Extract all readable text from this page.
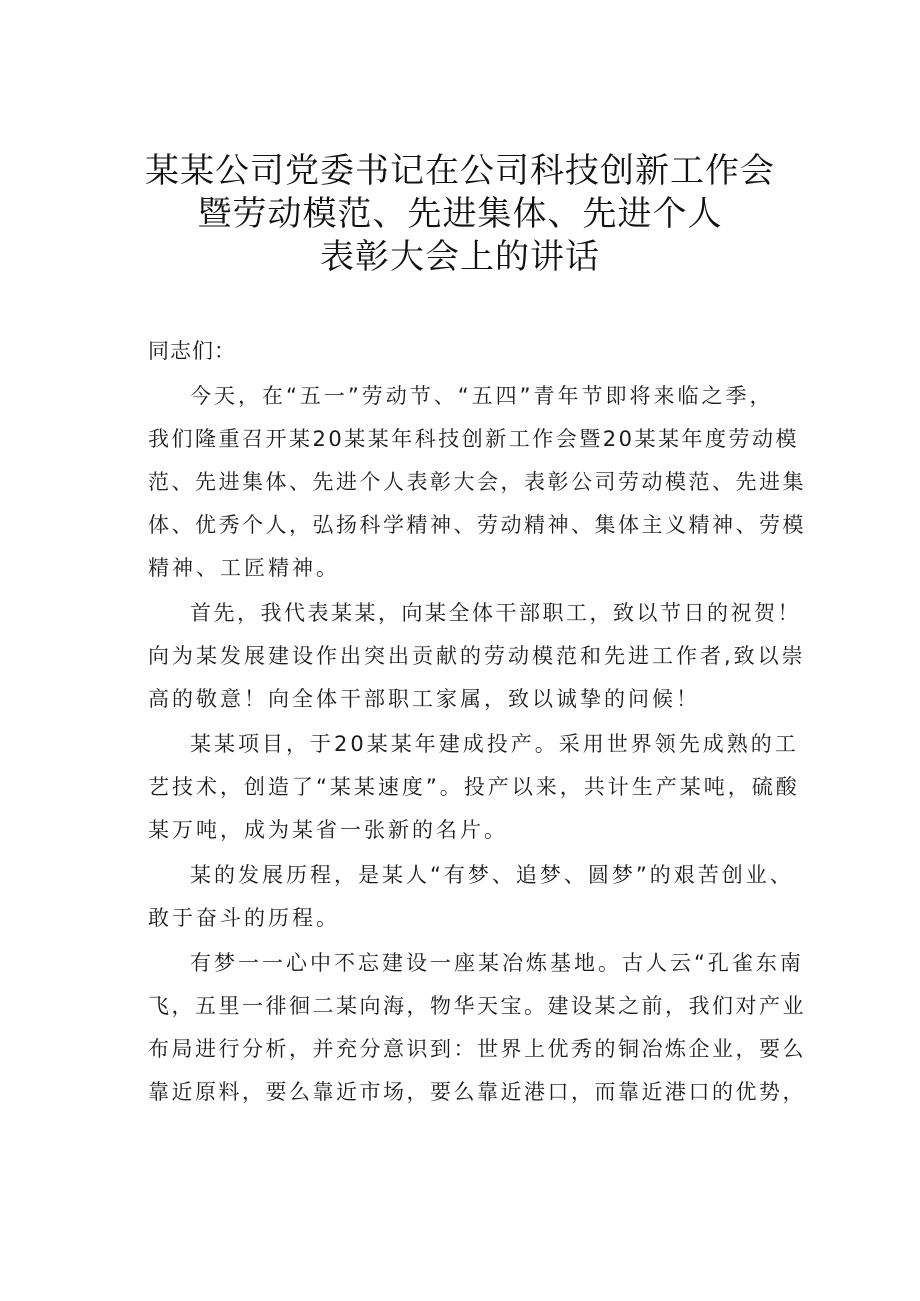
某某公司党委书记在公司科技创新工作会
暨劳动模范、先进集体、先进个人
表彰大会上的讲话
同志们：
今天，在“五一”劳动节、“五四”青年节即将来临之季，
我们隆重召开某20某某年科技创新工作会暨20某某年度劳动模
范、先进集体、先进个人表彰大会，表彰公司劳动模范、先进集
体、优秀个人，弘扬科学精神、劳动精神、集体主义精神、劳模
精神、工匠精神。
首先，我代表某某，向某全体干部职工，致以节日的祝贺！
向为某发展建设作出突出贡献的劳动模范和先进工作者,致以崇
高的敬意！向全体干部职工家属，致以诚挚的问候！
某某项目，于20某某年建成投产。采用世界领先成熟的工
艺技术，创造了“某某速度”。投产以来，共计生产某吨，硫酸
某万吨，成为某省一张新的名片。
某的发展历程，是某人“有梦、追梦、圆梦”的艰苦创业、
敢于奋斗的历程。
有梦一一心中不忘建设一座某冶炼基地。古人云“孔雀东南
飞，五里一徘徊二某向海，物华天宝。建设某之前，我们对产业
布局进行分析，并充分意识到：世界上优秀的铜冶炼企业，要么
靠近原料，要么靠近市场，要么靠近港口，而靠近港口的优势，
